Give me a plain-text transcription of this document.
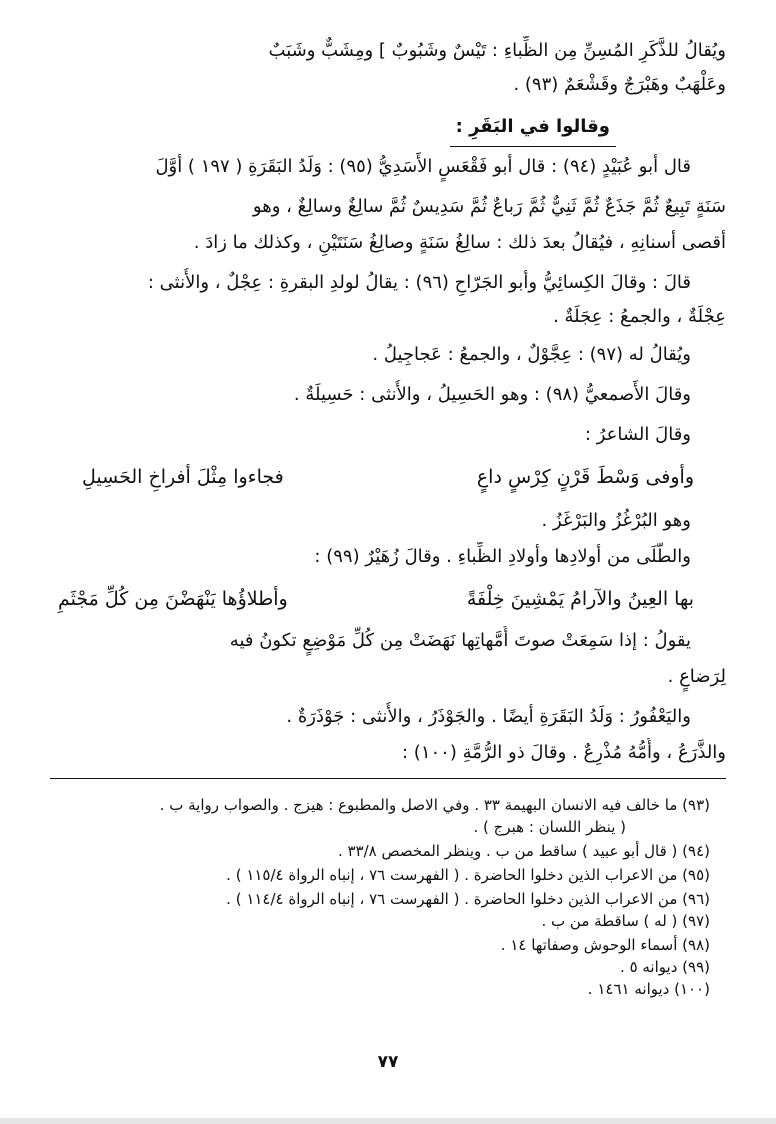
ويُقالُ للذَّكَرِ المُسِنِّ مِن الظِّباءِ : تَيْسٌ وشَبُوبٌ ] ومِشَبٌّ وشَبَبٌ
وعَلْهَبٌ وهَبْرَجٌ وقَشْعَمٌ (٩٣) .
وقالوا في البَقَرِ :
قال أبو عُبَيْدٍ (٩٤) : قال أبو فَقْعَسٍ الأَسَدِيُّ (٩٥) : وَلَدُ البَقَرَةِ ( ١٩٧ ) أوَّلَ
سَنَةٍ تَبِيعٌ ثُمَّ جَذَعٌ ثُمَّ ثَنِيٌّ ثُمَّ رَباعٌ ثُمَّ سَدِيسٌ ثُمَّ سالِغٌ وسالِغٌ ، وهو
أقصى أسنانِهِ ، فيُقالُ بعدَ ذلك : سالِغُ سَنَةٍ وصالِغُ سَنَتَيْنِ ، وكذلك ما زادَ .
قالَ : وقالَ الكِسائِيُّ وأبو الجَرّاحِ (٩٦) : يقالُ لولدِ البقرةِ : عِجْلٌ ، والأُنثى :
عِجْلَةٌ ، والجمعُ : عِجَلَةٌ .
ويُقالُ له (٩٧) : عِجَّوْلٌ ، والجمعُ : عَجاجِيلُ .
وقالَ الأَصمعيُّ (٩٨) : وهو الحَسِيلُ ، والأُنثى : حَسِيلَةٌ .
وقالَ الشاعرُ :
وأوفى وَسْطَ قَرْنٍ كِرْسٍ داعٍ
فجاءوا مِثْلَ أفراخِ الحَسِيلِ
وهو البُرْغُزُ والبَرْغَزُ .
والطَّلَى من أولادِها وأولادِ الظِّباءِ . وقالَ زُهَيْرٌ (٩٩) :
بها العِينُ والآرامُ يَمْشِينَ خِلْفَةً
وأطلاؤُها يَنْهَضْنَ مِن كُلِّ مَجْثَمِ
يقولُ : إذا سَمِعَتْ صوتَ أُمَّهاتِها نَهَضَتْ مِن كُلِّ مَوْضِعٍ تكونُ فيه
لِرَضاعٍ .
واليَعْفُورُ : وَلَدُ البَقَرَةِ أيضًا . والجَوْذَرُ ، والأُنثى : جَوْذَرَةٌ .
والذَّرَعُ ، وأُمُّهُ مُذْرِعٌ . وقالَ ذو الرُّمَّةِ (١٠٠) :
(٩٣) ما خالف فيه الانسان البهيمة ٣٣ . وفي الاصل والمطبوع : هيزج . والصواب رواية ب .
( ينظر اللسان : هبرج ) .
(٩٤) ( قال أبو عبيد ) ساقط من ب . وينظر المخصص ٣٣/٨ .
(٩٥) من الاعراب الذين دخلوا الحاضرة . ( الفهرست ٧٦ ، إنباه الرواة ١١٥/٤ ) .
(٩٦) من الاعراب الذين دخلوا الحاضرة . ( الفهرست ٧٦ ، إنباه الرواة ١١٤/٤ ) .
(٩٧) ( له ) ساقطة من ب .
(٩٨) أسماء الوحوش وصفاتها ١٤ .
(٩٩) ديوانه ٥ .
(١٠٠) ديوانه ١٤٦١ .
٧٧
